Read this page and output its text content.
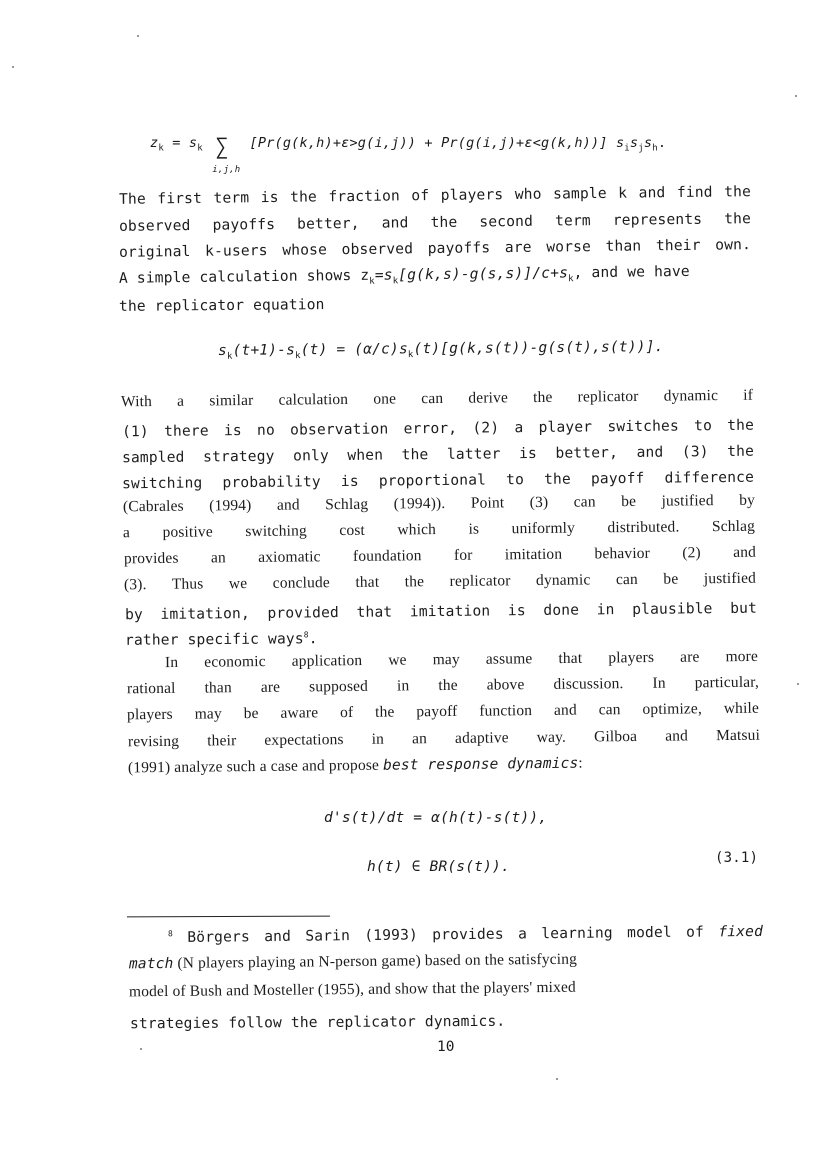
$z_k = s_k$ ∑
i,j,h
[Pr(g(k,h)+ε>g(i,j)) + Pr(g(i,j)+ε<g(k,h))] $s_is_js_h$.
The first term is the fraction of players who sample k and find the
observed payoffs better, and the second term represents the
original k-users whose observed payoffs are worse than their own.
A simple calculation shows $z_k=s_k[g(k,s)-g(s,s)]/c+s_k$, and we have
the replicator equation
$s_k(t+1)-s_k(t) = (\alpha/c)s_k(t)[g(k,s(t))-g(s(t),s(t))]$.
With a similar calculation one can derive the replicator dynamic if
(1) there is no observation error, (2) a player switches to the
sampled strategy only when the latter is better, and (3) the
switching probability is proportional to the payoff difference
(Cabrales (1994) and Schlag (1994)). Point (3) can be justified by
a positive switching cost which is uniformly distributed. Schlag
provides an axiomatic foundation for imitation behavior (2) and
(3). Thus we conclude that the replicator dynamic can be justified
by imitation, provided that imitation is done in plausible but
rather specific ways$^8$.
In economic application we may assume that players are more
rational than are supposed in the above discussion. In particular,
players may be aware of the payoff function and can optimize, while
revising their expectations in an adaptive way. Gilboa and Matsui
(1991) analyze such a case and propose best response dynamics:
d's(t)/dt = α(h(t)-s(t)),
h(t) ∈ BR(s(t)).
(3.1)
$^8$ Börgers and Sarin (1993) provides a learning model of fixed
match (N players playing an N-person game) based on the satisfycing
model of Bush and Mosteller (1955), and show that the players' mixed
strategies follow the replicator dynamics.
10
